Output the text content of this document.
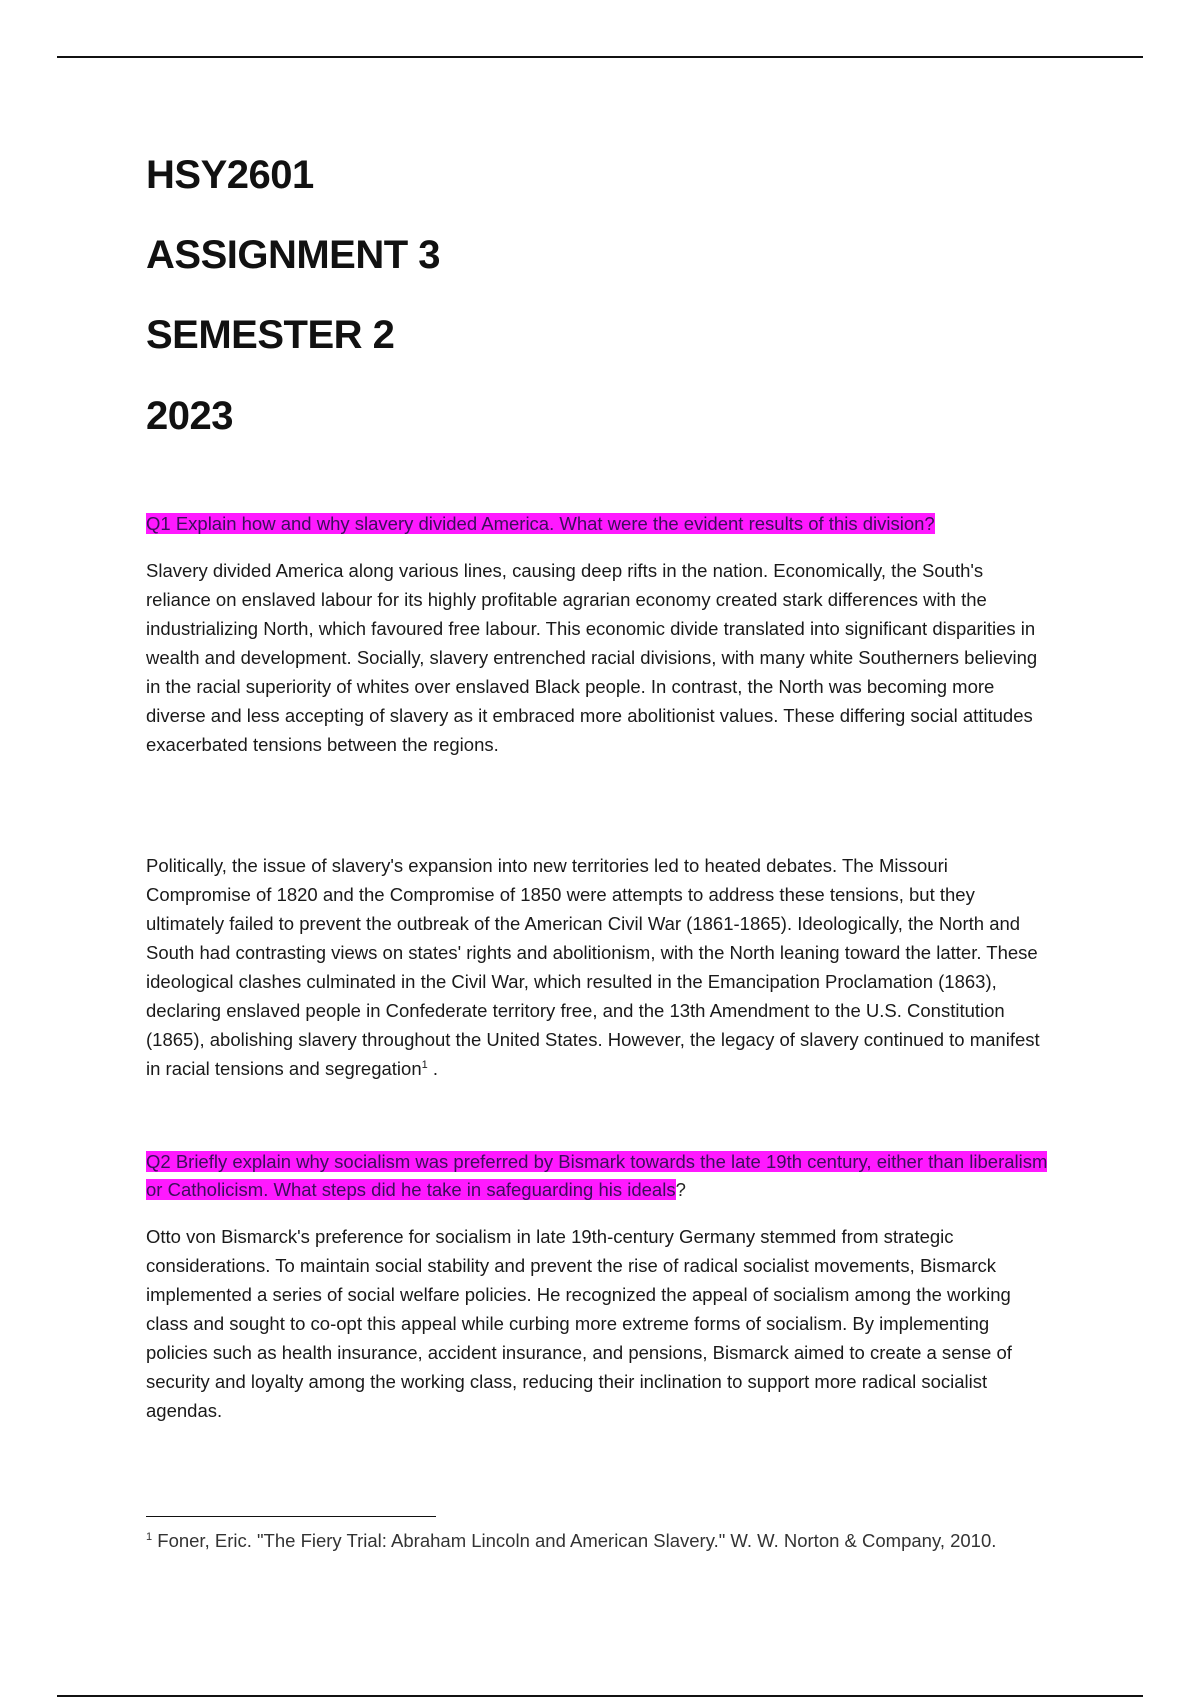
HSY2601
ASSIGNMENT 3
SEMESTER 2
2023
Q1 Explain how and why slavery divided America. What were the evident results of this division?
Slavery divided America along various lines, causing deep rifts in the nation. Economically, the South's reliance on enslaved labour for its highly profitable agrarian economy created stark differences with the industrializing North, which favoured free labour. This economic divide translated into significant disparities in wealth and development. Socially, slavery entrenched racial divisions, with many white Southerners believing in the racial superiority of whites over enslaved Black people. In contrast, the North was becoming more diverse and less accepting of slavery as it embraced more abolitionist values. These differing social attitudes exacerbated tensions between the regions.
Politically, the issue of slavery's expansion into new territories led to heated debates. The Missouri Compromise of 1820 and the Compromise of 1850 were attempts to address these tensions, but they ultimately failed to prevent the outbreak of the American Civil War (1861-1865). Ideologically, the North and South had contrasting views on states' rights and abolitionism, with the North leaning toward the latter. These ideological clashes culminated in the Civil War, which resulted in the Emancipation Proclamation (1863), declaring enslaved people in Confederate territory free, and the 13th Amendment to the U.S. Constitution (1865), abolishing slavery throughout the United States. However, the legacy of slavery continued to manifest in racial tensions and segregation$^1$ .
Q2 Briefly explain why socialism was preferred by Bismark towards the late 19th century, either than liberalism or Catholicism. What steps did he take in safeguarding his ideals?
Otto von Bismarck's preference for socialism in late 19th-century Germany stemmed from strategic considerations. To maintain social stability and prevent the rise of radical socialist movements, Bismarck implemented a series of social welfare policies. He recognized the appeal of socialism among the working class and sought to co-opt this appeal while curbing more extreme forms of socialism. By implementing policies such as health insurance, accident insurance, and pensions, Bismarck aimed to create a sense of security and loyalty among the working class, reducing their inclination to support more radical socialist agendas.
$^1$ Foner, Eric. "The Fiery Trial: Abraham Lincoln and American Slavery." W. W. Norton & Company, 2010.
